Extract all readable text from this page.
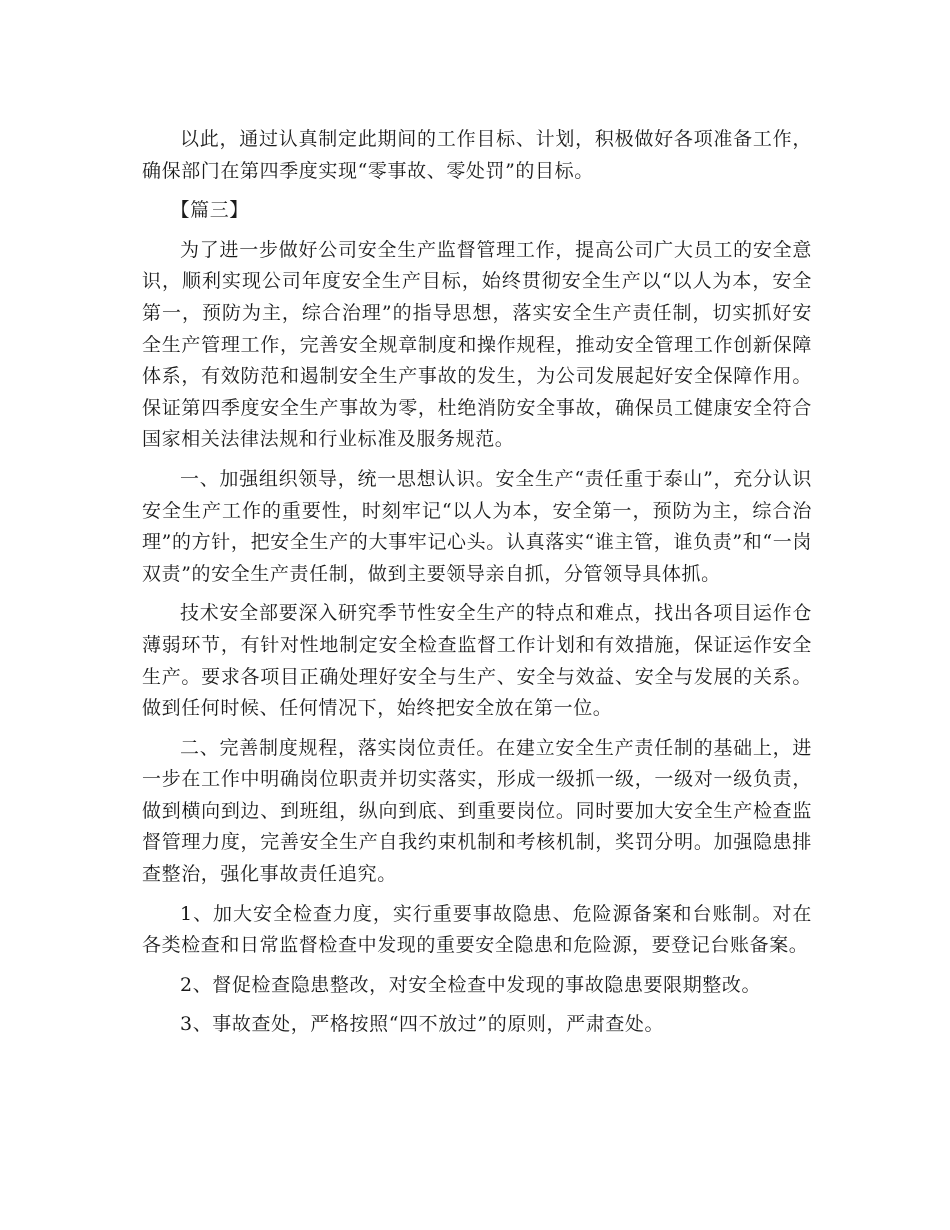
以此，通过认真制定此期间的工作目标、计划，积极做好各项准备工作，确保部门在第四季度实现“零事故、零处罚”的目标。

【篇三】

为了进一步做好公司安全生产监督管理工作，提高公司广大员工的安全意识，顺利实现公司年度安全生产目标，始终贯彻安全生产以“以人为本，安全第一，预防为主，综合治理”的指导思想，落实安全生产责任制，切实抓好安全生产管理工作，完善安全规章制度和操作规程，推动安全管理工作创新保障体系，有效防范和遏制安全生产事故的发生，为公司发展起好安全保障作用。保证第四季度安全生产事故为零，杜绝消防安全事故，确保员工健康安全符合国家相关法律法规和行业标准及服务规范。

一、加强组织领导，统一思想认识。安全生产“责任重于泰山”，充分认识安全生产工作的重要性，时刻牢记“以人为本，安全第一，预防为主，综合治理”的方针，把安全生产的大事牢记心头。认真落实“谁主管，谁负责”和“一岗双责”的安全生产责任制，做到主要领导亲自抓，分管领导具体抓。

技术安全部要深入研究季节性安全生产的特点和难点，找出各项目运作仓薄弱环节，有针对性地制定安全检查监督工作计划和有效措施，保证运作安全生产。要求各项目正确处理好安全与生产、安全与效益、安全与发展的关系。做到任何时候、任何情况下，始终把安全放在第一位。

二、完善制度规程，落实岗位责任。在建立安全生产责任制的基础上，进一步在工作中明确岗位职责并切实落实，形成一级抓一级，一级对一级负责，做到横向到边、到班组，纵向到底、到重要岗位。同时要加大安全生产检查监督管理力度，完善安全生产自我约束机制和考核机制，奖罚分明。加强隐患排查整治，强化事故责任追究。

1、加大安全检查力度，实行重要事故隐患、危险源备案和台账制。对在各类检查和日常监督检查中发现的重要安全隐患和危险源，要登记台账备案。

2、督促检查隐患整改，对安全检查中发现的事故隐患要限期整改。

3、事故查处，严格按照“四不放过”的原则，严肃查处。
